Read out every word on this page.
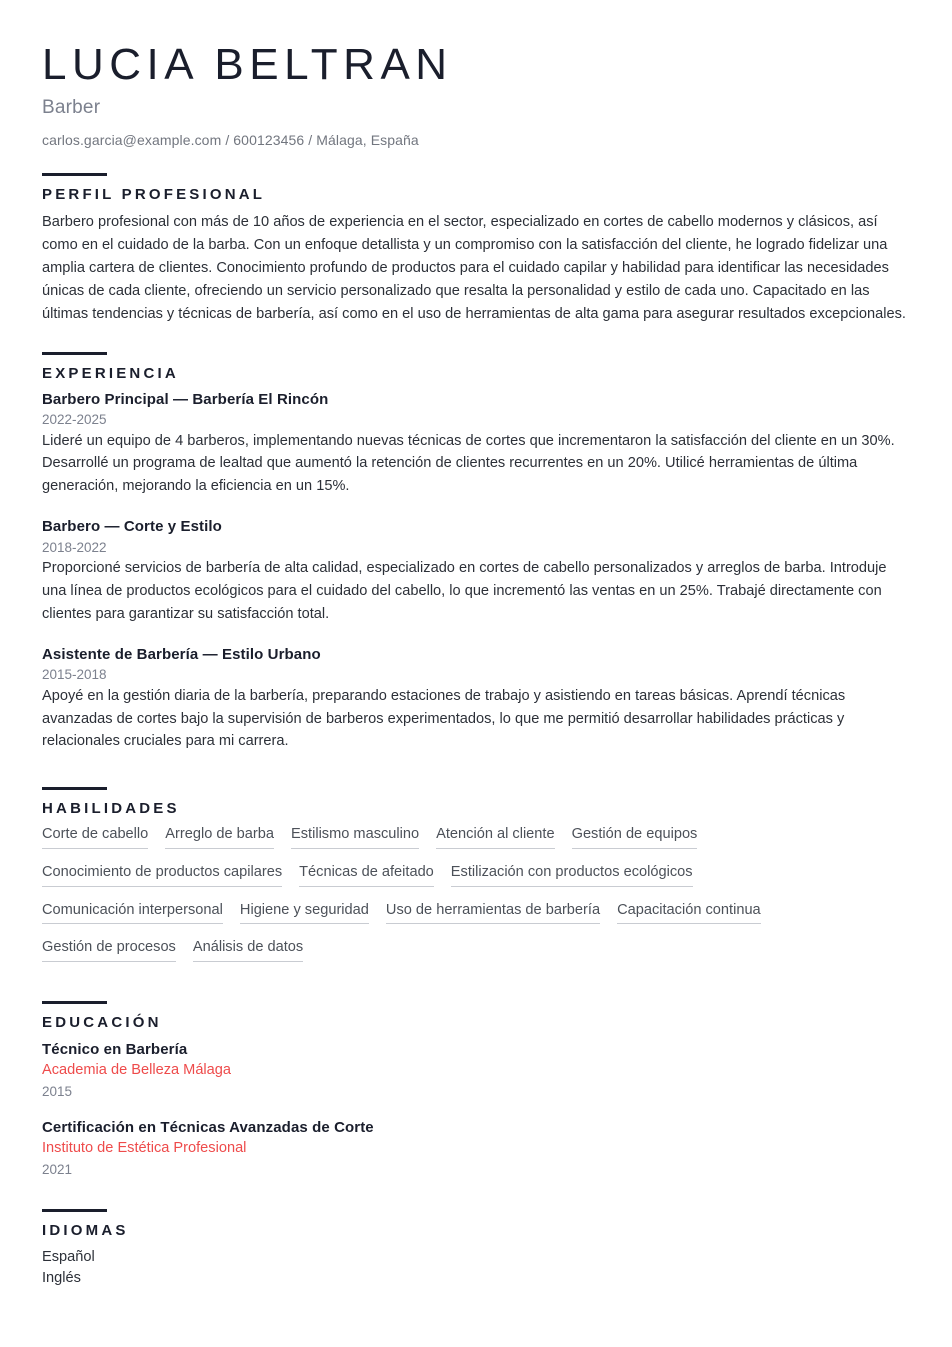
LUCIA BELTRAN
Barber
carlos.garcia@example.com / 600123456 / Málaga, España
PERFIL PROFESIONAL

Barbero profesional con más de 10 años de experiencia en el sector, especializado en cortes de cabello modernos y clásicos, así como en el cuidado de la barba. Con un enfoque detallista y un compromiso con la satisfacción del cliente, he logrado fidelizar una amplia cartera de clientes. Conocimiento profundo de productos para el cuidado capilar y habilidad para identificar las necesidades únicas de cada cliente, ofreciendo un servicio personalizado que resalta la personalidad y estilo de cada uno. Capacitado en las últimas tendencias y técnicas de barbería, así como en el uso de herramientas de alta gama para asegurar resultados excepcionales.

EXPERIENCIA
Barbero Principal — Barbería El Rincón
2022-2025

Lideré un equipo de 4 barberos, implementando nuevas técnicas de cortes que incrementaron la satisfacción del cliente en un 30%. Desarrollé un programa de lealtad que aumentó la retención de clientes recurrentes en un 20%. Utilicé herramientas de última generación, mejorando la eficiencia en un 15%.

Barbero — Corte y Estilo
2018-2022

Proporcioné servicios de barbería de alta calidad, especializado en cortes de cabello personalizados y arreglos de barba. Introduje una línea de productos ecológicos para el cuidado del cabello, lo que incrementó las ventas en un 25%. Trabajé directamente con clientes para garantizar su satisfacción total.

Asistente de Barbería — Estilo Urbano
2015-2018

Apoyé en la gestión diaria de la barbería, preparando estaciones de trabajo y asistiendo en tareas básicas. Aprendí técnicas avanzadas de cortes bajo la supervisión de barberos experimentados, lo que me permitió desarrollar habilidades prácticas y relacionales cruciales para mi carrera.

HABILIDADES
Corte de cabello Arreglo de barba Estilismo masculino Atención al cliente Gestión de equipos
Conocimiento de productos capilares Técnicas de afeitado Estilización con productos ecológicos
Comunicación interpersonal Higiene y seguridad Uso de herramientas de barbería Capacitación continua
Gestión de procesos Análisis de datos
EDUCACIÓN
Técnico en Barbería
Academia de Belleza Málaga
2015
Certificación en Técnicas Avanzadas de Corte
Instituto de Estética Profesional
2021
IDIOMAS
Español
Inglés
